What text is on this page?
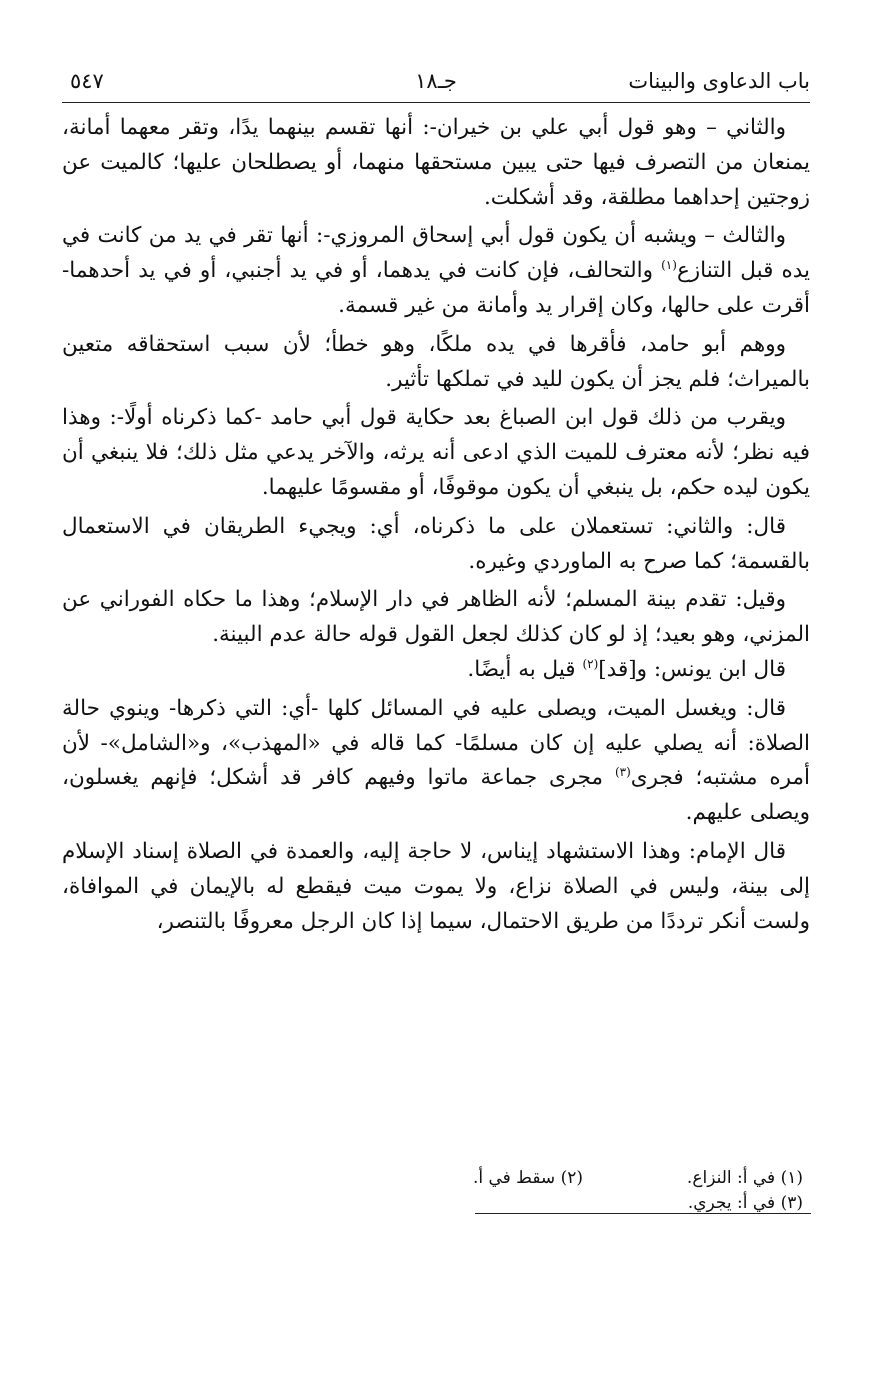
باب الدعاوى والبينات
جـ١٨
٥٤٧

والثاني – وهو قول أبي علي بن خيران-: أنها تقسم بينهما يدًا، وتقر معهما أمانة، يمنعان من التصرف فيها حتى يبين مستحقها منهما، أو يصطلحان عليها؛ كالميت عن زوجتين إحداهما مطلقة، وقد أشكلت.

والثالث – ويشبه أن يكون قول أبي إسحاق المروزي-: أنها تقر في يد من كانت في يده قبل التنازع$^{(١)}$ والتحالف، فإن كانت في يدهما، أو في يد أجنبي، أو في يد أحدهما- أقرت على حالها، وكان إقرار يد وأمانة من غير قسمة.

ووهم أبو حامد، فأقرها في يده ملكًا، وهو خطأ؛ لأن سبب استحقاقه متعين بالميراث؛ فلم يجز أن يكون لليد في تملكها تأثير.

ويقرب من ذلك قول ابن الصباغ بعد حكاية قول أبي حامد -كما ذكرناه أولًا-: وهذا فيه نظر؛ لأنه معترف للميت الذي ادعى أنه يرثه، والآخر يدعي مثل ذلك؛ فلا ينبغي أن يكون ليده حكم، بل ينبغي أن يكون موقوفًا، أو مقسومًا عليهما.

قال: والثاني: تستعملان على ما ذكرناه، أي: ويجيء الطريقان في الاستعمال بالقسمة؛ كما صرح به الماوردي وغيره.

وقيل: تقدم بينة المسلم؛ لأنه الظاهر في دار الإسلام؛ وهذا ما حكاه الفوراني عن المزني، وهو بعيد؛ إذ لو كان كذلك لجعل القول قوله حالة عدم البينة.

قال ابن يونس: و[قد]$^{(٢)}$ قيل به أيضًا.

قال: ويغسل الميت، ويصلى عليه في المسائل كلها -أي: التي ذكرها- وينوي حالة الصلاة: أنه يصلي عليه إن كان مسلمًا- كما قاله في «المهذب»، و«الشامل»- لأن أمره مشتبه؛ فجرى$^{(٣)}$ مجرى جماعة ماتوا وفيهم كافر قد أشكل؛ فإنهم يغسلون، ويصلى عليهم.

قال الإمام: وهذا الاستشهاد إيناس، لا حاجة إليه، والعمدة في الصلاة إسناد الإسلام إلى بينة، وليس في الصلاة نزاع، ولا يموت ميت فيقطع له بالإيمان في الموافاة، ولست أنكر ترددًا من طريق الاحتمال، سيما إذا كان الرجل معروفًا بالتنصر،

(١) في أ: النزاع.
(٢) سقط في أ.
(٣) في أ: يجري.
